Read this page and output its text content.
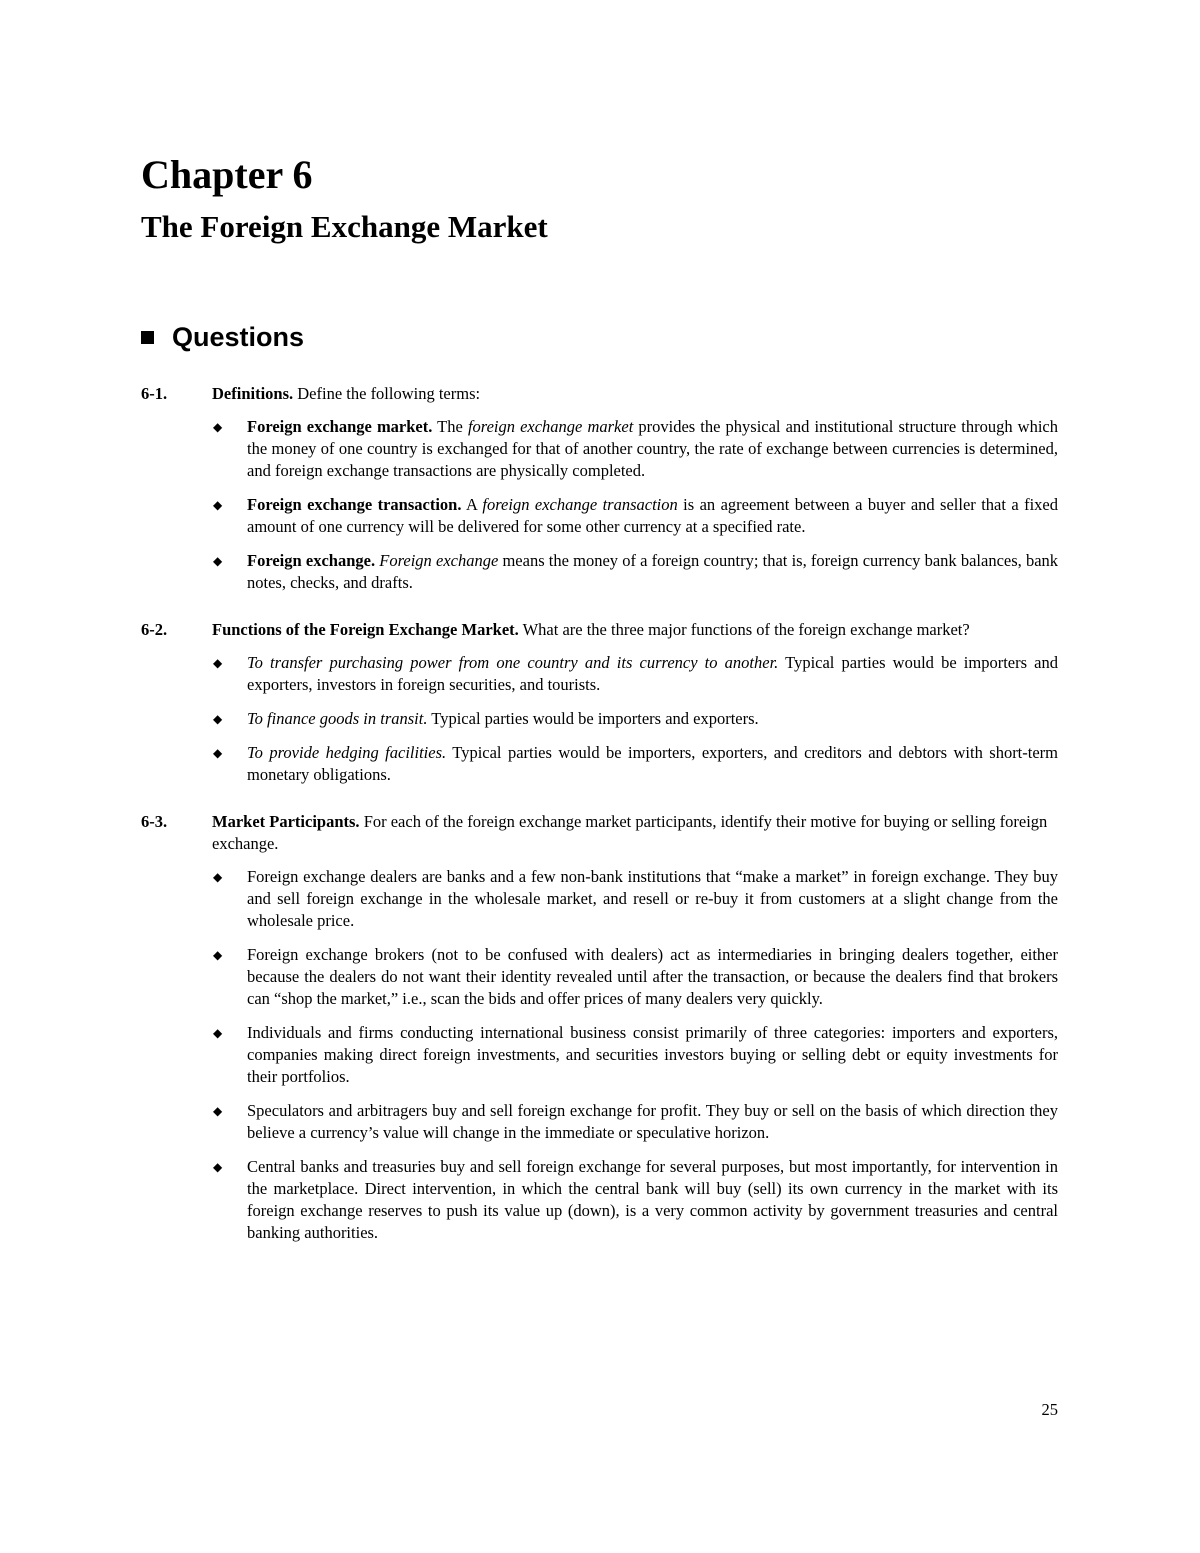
Chapter 6
The Foreign Exchange Market
Questions
6-1.	Definitions. Define the following terms:

◆	Foreign exchange market. The foreign exchange market provides the physical and institutional structure through which the money of one country is exchanged for that of another country, the rate of exchange between currencies is determined, and foreign exchange transactions are physically completed.
◆	Foreign exchange transaction. A foreign exchange transaction is an agreement between a buyer and seller that a fixed amount of one currency will be delivered for some other currency at a specified rate.
◆	Foreign exchange. Foreign exchange means the money of a foreign country; that is, foreign currency bank balances, bank notes, checks, and drafts.
6-2.	Functions of the Foreign Exchange Market. What are the three major functions of the foreign exchange market?

◆	To transfer purchasing power from one country and its currency to another. Typical parties would be importers and exporters, investors in foreign securities, and tourists.
◆	To finance goods in transit. Typical parties would be importers and exporters.
◆	To provide hedging facilities. Typical parties would be importers, exporters, and creditors and debtors with short-term monetary obligations.
6-3.	Market Participants. For each of the foreign exchange market participants, identify their motive for buying or selling foreign exchange.

◆	Foreign exchange dealers are banks and a few non-bank institutions that “make a market” in foreign exchange. They buy and sell foreign exchange in the wholesale market, and resell or re-buy it from customers at a slight change from the wholesale price.
◆	Foreign exchange brokers (not to be confused with dealers) act as intermediaries in bringing dealers together, either because the dealers do not want their identity revealed until after the transaction, or because the dealers find that brokers can “shop the market,” i.e., scan the bids and offer prices of many dealers very quickly.
◆	Individuals and firms conducting international business consist primarily of three categories: importers and exporters, companies making direct foreign investments, and securities investors buying or selling debt or equity investments for their portfolios.
◆	Speculators and arbitragers buy and sell foreign exchange for profit. They buy or sell on the basis of which direction they believe a currency’s value will change in the immediate or speculative horizon.
◆	Central banks and treasuries buy and sell foreign exchange for several purposes, but most importantly, for intervention in the marketplace. Direct intervention, in which the central bank will buy (sell) its own currency in the market with its foreign exchange reserves to push its value up (down), is a very common activity by government treasuries and central banking authorities.
25
